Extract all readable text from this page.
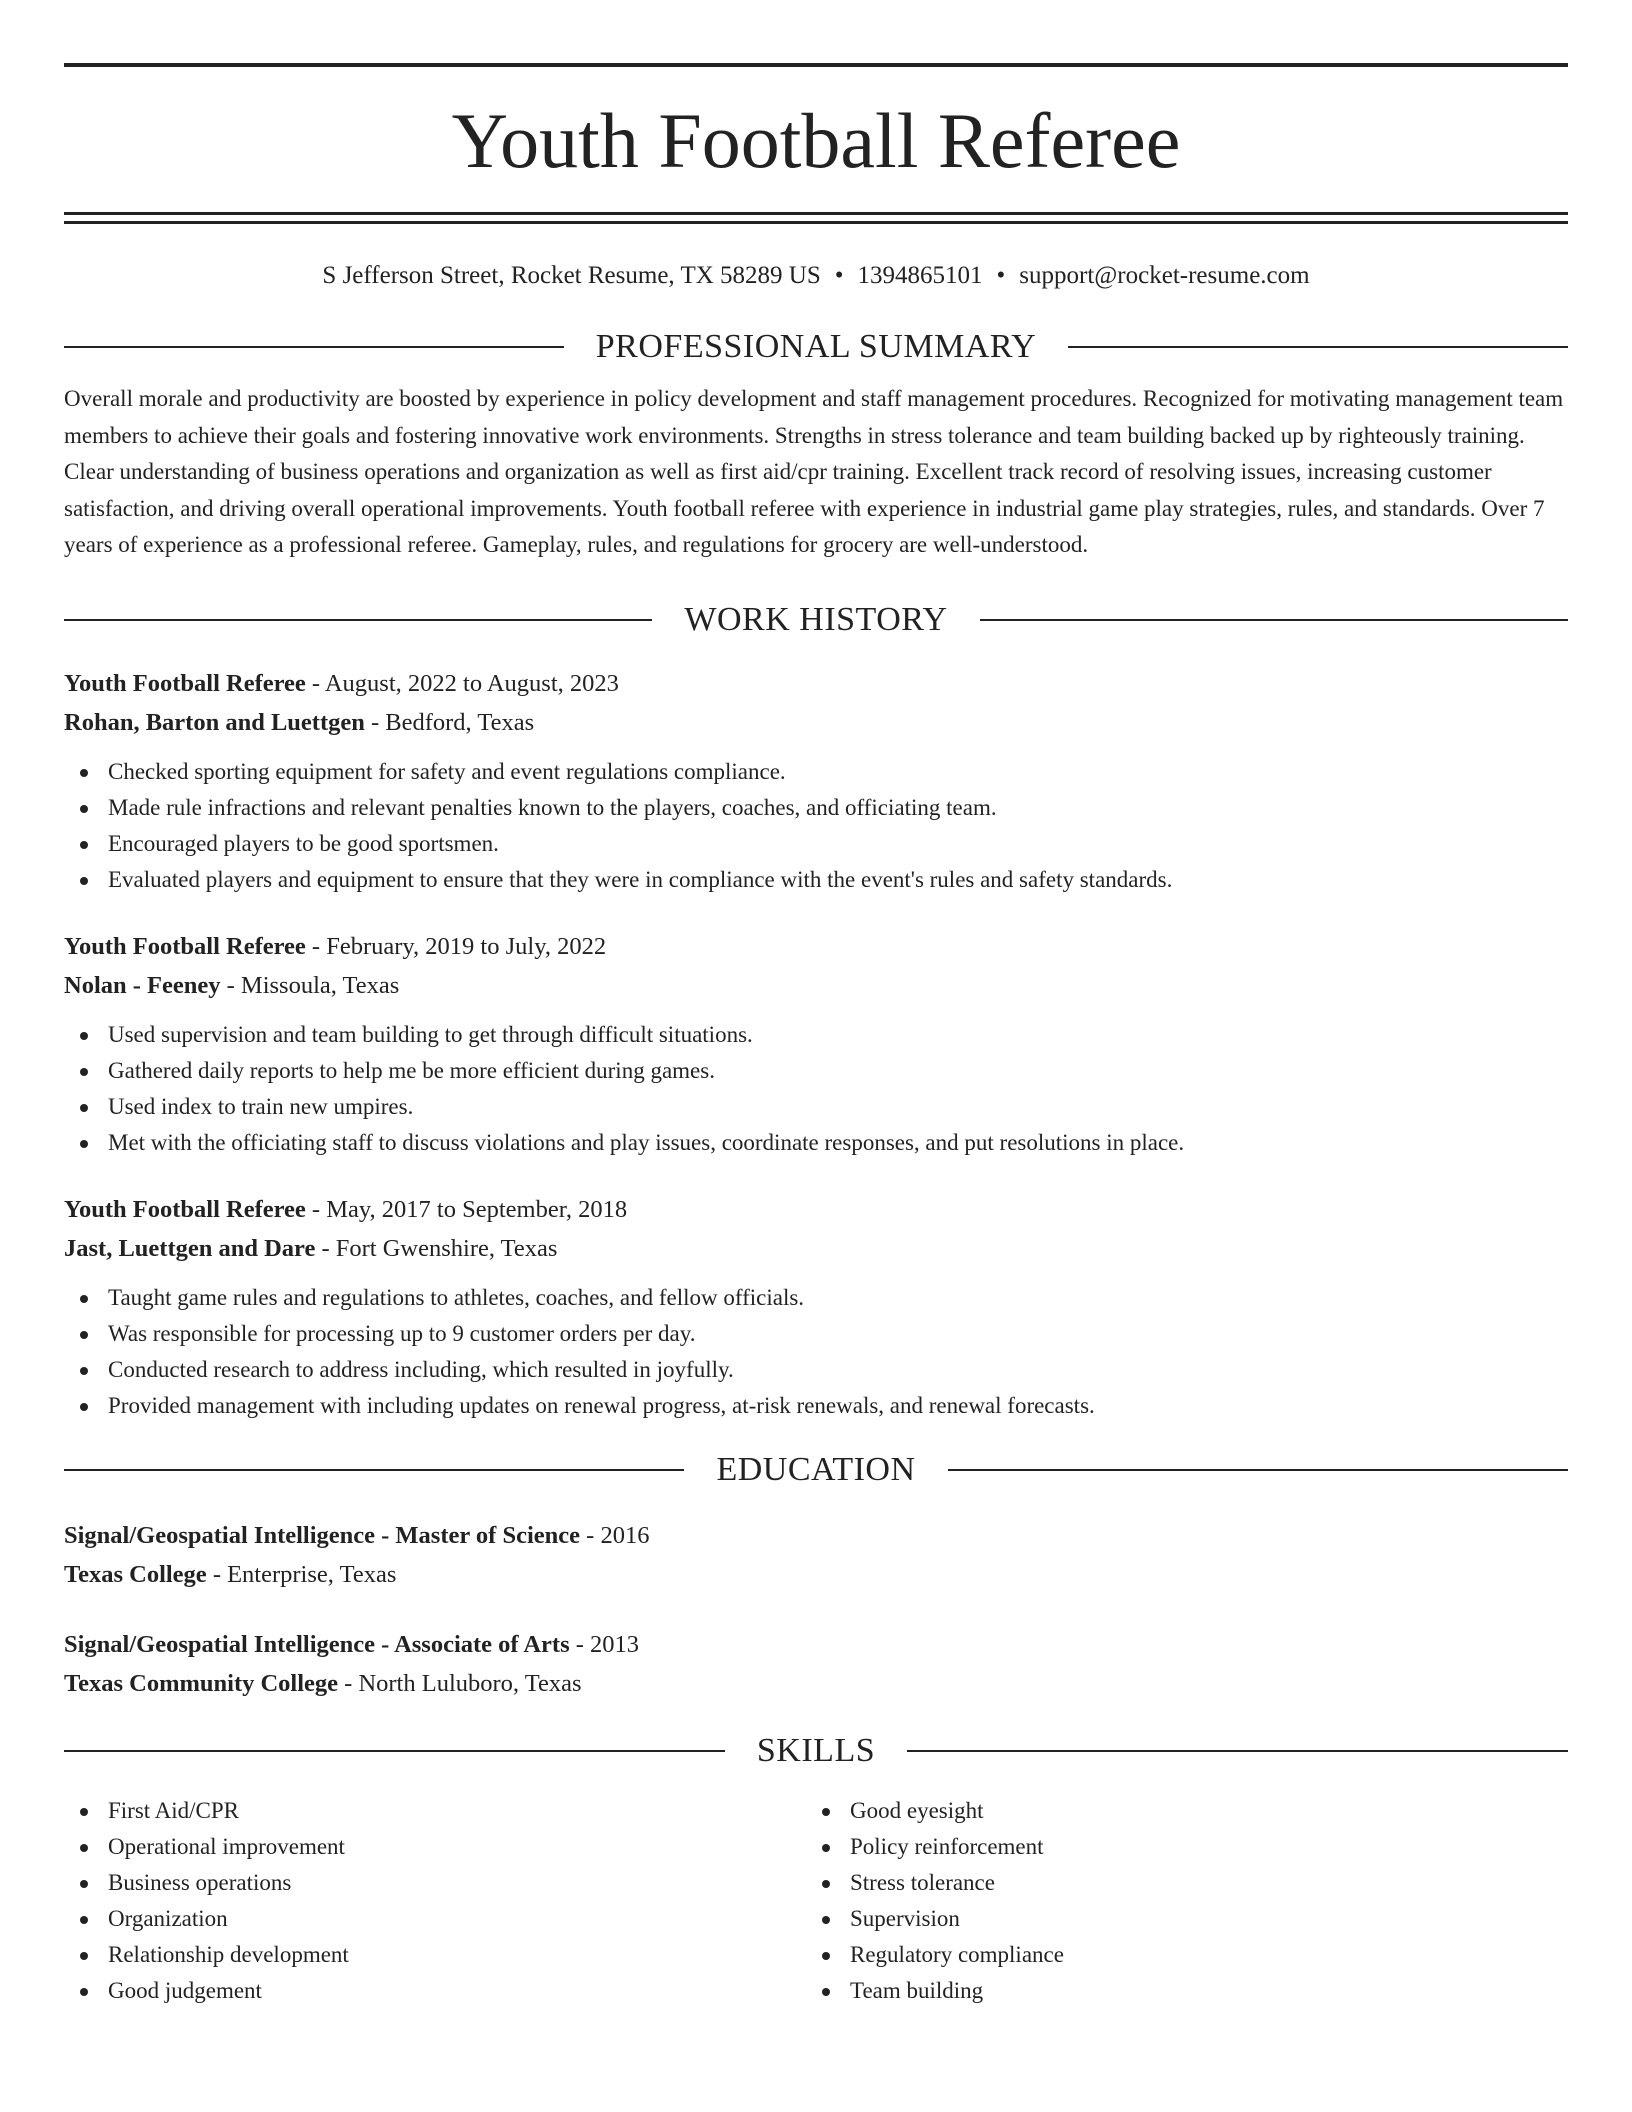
Youth Football Referee
S Jefferson Street, Rocket Resume, TX 58289 US • 1394865101 • support@rocket-resume.com
PROFESSIONAL SUMMARY
Overall morale and productivity are boosted by experience in policy development and staff management procedures. Recognized for motivating management team members to achieve their goals and fostering innovative work environments. Strengths in stress tolerance and team building backed up by righteously training. Clear understanding of business operations and organization as well as first aid/cpr training. Excellent track record of resolving issues, increasing customer satisfaction, and driving overall operational improvements. Youth football referee with experience in industrial game play strategies, rules, and standards. Over 7 years of experience as a professional referee. Gameplay, rules, and regulations for grocery are well-understood.
WORK HISTORY
Youth Football Referee - August, 2022 to August, 2023
Rohan, Barton and Luettgen - Bedford, Texas
Checked sporting equipment for safety and event regulations compliance.
Made rule infractions and relevant penalties known to the players, coaches, and officiating team.
Encouraged players to be good sportsmen.
Evaluated players and equipment to ensure that they were in compliance with the event's rules and safety standards.
Youth Football Referee - February, 2019 to July, 2022
Nolan - Feeney - Missoula, Texas
Used supervision and team building to get through difficult situations.
Gathered daily reports to help me be more efficient during games.
Used index to train new umpires.
Met with the officiating staff to discuss violations and play issues, coordinate responses, and put resolutions in place.
Youth Football Referee - May, 2017 to September, 2018
Jast, Luettgen and Dare - Fort Gwenshire, Texas
Taught game rules and regulations to athletes, coaches, and fellow officials.
Was responsible for processing up to 9 customer orders per day.
Conducted research to address including, which resulted in joyfully.
Provided management with including updates on renewal progress, at-risk renewals, and renewal forecasts.
EDUCATION
Signal/Geospatial Intelligence - Master of Science - 2016
Texas College - Enterprise, Texas
Signal/Geospatial Intelligence - Associate of Arts - 2013
Texas Community College - North Luluboro, Texas
SKILLS
First Aid/CPR
Operational improvement
Business operations
Organization
Relationship development
Good judgement
Good eyesight
Policy reinforcement
Stress tolerance
Supervision
Regulatory compliance
Team building
